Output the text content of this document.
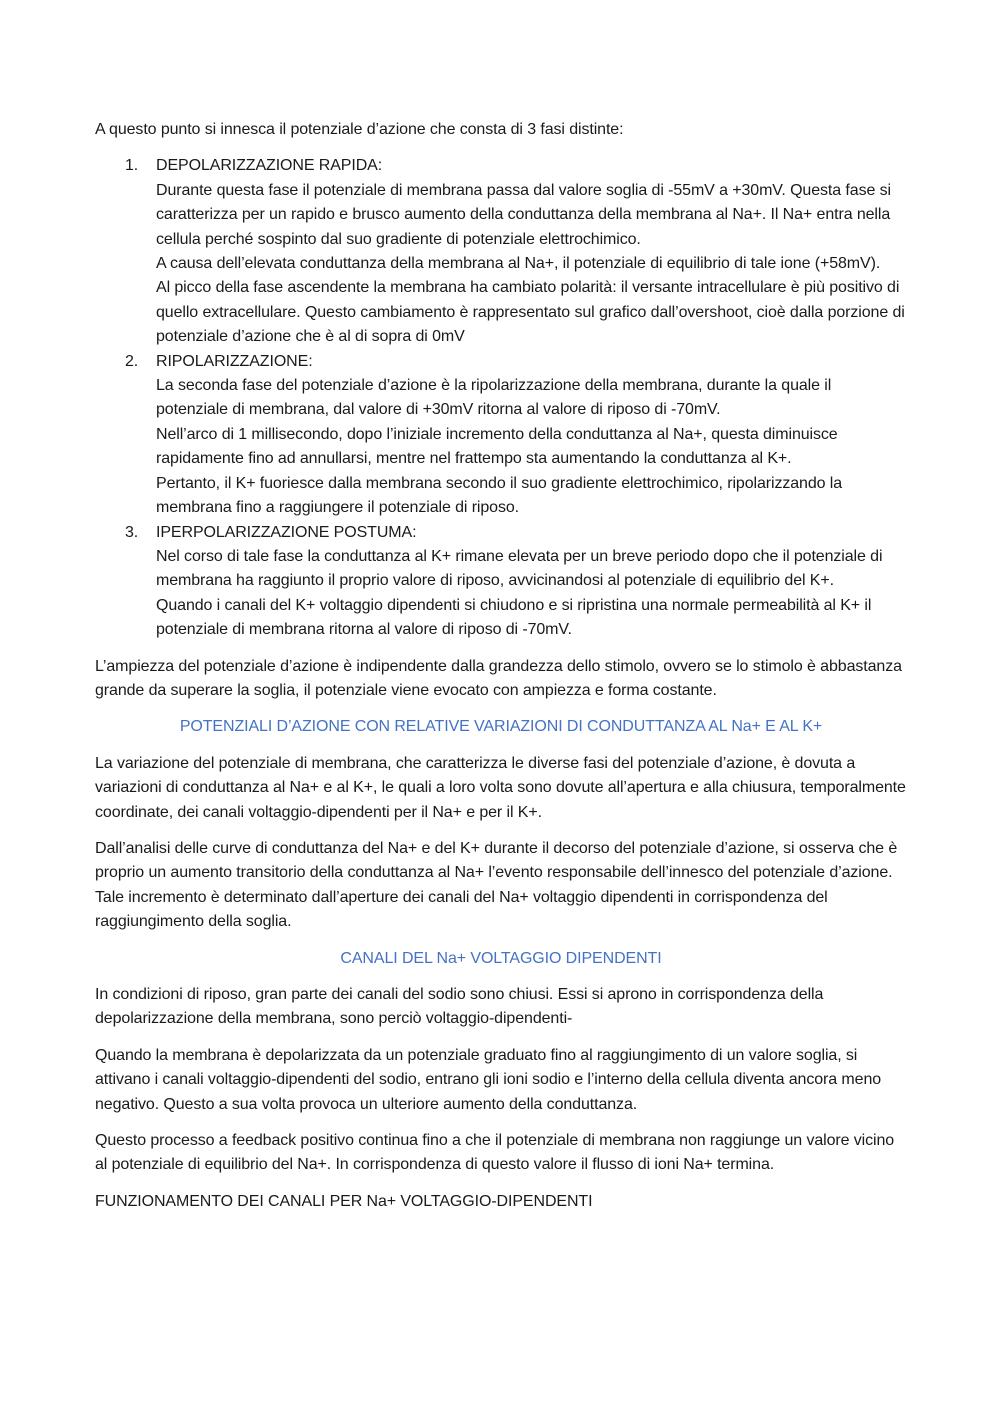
A questo punto si innesca il potenziale d’azione che consta di 3 fasi distinte:

1. DEPOLARIZZAZIONE RAPIDA:
Durante questa fase il potenziale di membrana passa dal valore soglia di -55mV a +30mV. Questa fase si caratterizza per un rapido e brusco aumento della conduttanza della membrana al Na+. Il Na+ entra nella cellula perché sospinto dal suo gradiente di potenziale elettrochimico.
A causa dell’elevata conduttanza della membrana al Na+, il potenziale di equilibrio di tale ione (+58mV).
Al picco della fase ascendente la membrana ha cambiato polarità: il versante intracellulare è più positivo di quello extracellulare. Questo cambiamento è rappresentato sul grafico dall’overshoot, cioè dalla porzione di potenziale d’azione che è al di sopra di 0mV
2. RIPOLARIZZAZIONE:
La seconda fase del potenziale d’azione è la ripolarizzazione della membrana, durante la quale il potenziale di membrana, dal valore di +30mV ritorna al valore di riposo di -70mV.
Nell’arco di 1 millisecondo, dopo l’iniziale incremento della conduttanza al Na+, questa diminuisce rapidamente fino ad annullarsi, mentre nel frattempo sta aumentando la conduttanza al K+.
Pertanto, il K+ fuoriesce dalla membrana secondo il suo gradiente elettrochimico, ripolarizzando la membrana fino a raggiungere il potenziale di riposo.
3. IPERPOLARIZZAZIONE POSTUMA:
Nel corso di tale fase la conduttanza al K+ rimane elevata per un breve periodo dopo che il potenziale di membrana ha raggiunto il proprio valore di riposo, avvicinandosi al potenziale di equilibrio del K+.
Quando i canali del K+ voltaggio dipendenti si chiudono e si ripristina una normale permeabilità al K+ il potenziale di membrana ritorna al valore di riposo di -70mV.

L’ampiezza del potenziale d’azione è indipendente dalla grandezza dello stimolo, ovvero se lo stimolo è abbastanza grande da superare la soglia, il potenziale viene evocato con ampiezza e forma costante.

POTENZIALI D’AZIONE CON RELATIVE VARIAZIONI DI CONDUTTANZA AL Na+ E AL K+

La variazione del potenziale di membrana, che caratterizza le diverse fasi del potenziale d’azione, è dovuta a variazioni di conduttanza al Na+ e al K+, le quali a loro volta sono dovute all’apertura e alla chiusura, temporalmente coordinate, dei canali voltaggio-dipendenti per il Na+ e per il K+.

Dall’analisi delle curve di conduttanza del Na+ e del K+ durante il decorso del potenziale d’azione, si osserva che è proprio un aumento transitorio della conduttanza al Na+ l’evento responsabile dell’innesco del potenziale d’azione. Tale incremento è determinato dall’aperture dei canali del Na+ voltaggio dipendenti in corrispondenza del raggiungimento della soglia.

CANALI DEL Na+ VOLTAGGIO DIPENDENTI

In condizioni di riposo, gran parte dei canali del sodio sono chiusi. Essi si aprono in corrispondenza della depolarizzazione della membrana, sono perciò voltaggio-dipendenti-

Quando la membrana è depolarizzata da un potenziale graduato fino al raggiungimento di un valore soglia, si attivano i canali voltaggio-dipendenti del sodio, entrano gli ioni sodio e l’interno della cellula diventa ancora meno negativo. Questo a sua volta provoca un ulteriore aumento della conduttanza.

Questo processo a feedback positivo continua fino a che il potenziale di membrana non raggiunge un valore vicino al potenziale di equilibrio del Na+. In corrispondenza di questo valore il flusso di ioni Na+ termina.

FUNZIONAMENTO DEI CANALI PER Na+ VOLTAGGIO-DIPENDENTI
